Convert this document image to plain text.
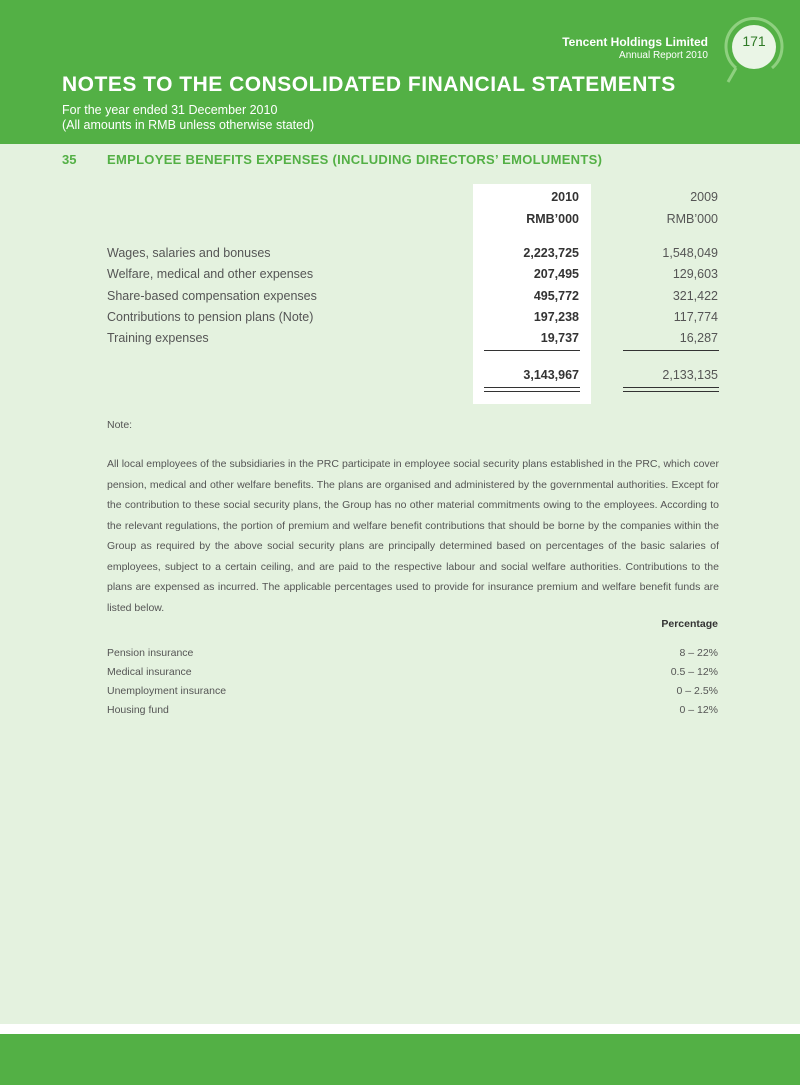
Tencent Holdings Limited
Annual Report 2010
171
NOTES TO THE CONSOLIDATED FINANCIAL STATEMENTS
For the year ended 31 December 2010
(All amounts in RMB unless otherwise stated)
35 EMPLOYEE BENEFITS EXPENSES (INCLUDING DIRECTORS’ EMOLUMENTS)
2010	2009
RMB’000	RMB’000
Wages, salaries and bonuses	2,223,725	1,548,049
Welfare, medical and other expenses	207,495	129,603
Share-based compensation expenses	495,772	321,422
Contributions to pension plans (Note)	197,238	117,774
Training expenses	19,737	16,287
3,143,967	2,133,135
Note:
All local employees of the subsidiaries in the PRC participate in employee social security plans established in the PRC, which cover pension, medical and other welfare benefits. The plans are organised and administered by the governmental authorities. Except for the contribution to these social security plans, the Group has no other material commitments owing to the employees. According to the relevant regulations, the portion of premium and welfare benefit contributions that should be borne by the companies within the Group as required by the above social security plans are principally determined based on percentages of the basic salaries of employees, subject to a certain ceiling, and are paid to the respective labour and social welfare authorities. Contributions to the plans are expensed as incurred. The applicable percentages used to provide for insurance premium and welfare benefit funds are listed below.
Percentage
Pension insurance	8 – 22%
Medical insurance	0.5 – 12%
Unemployment insurance	0 – 2.5%
Housing fund	0 – 12%
